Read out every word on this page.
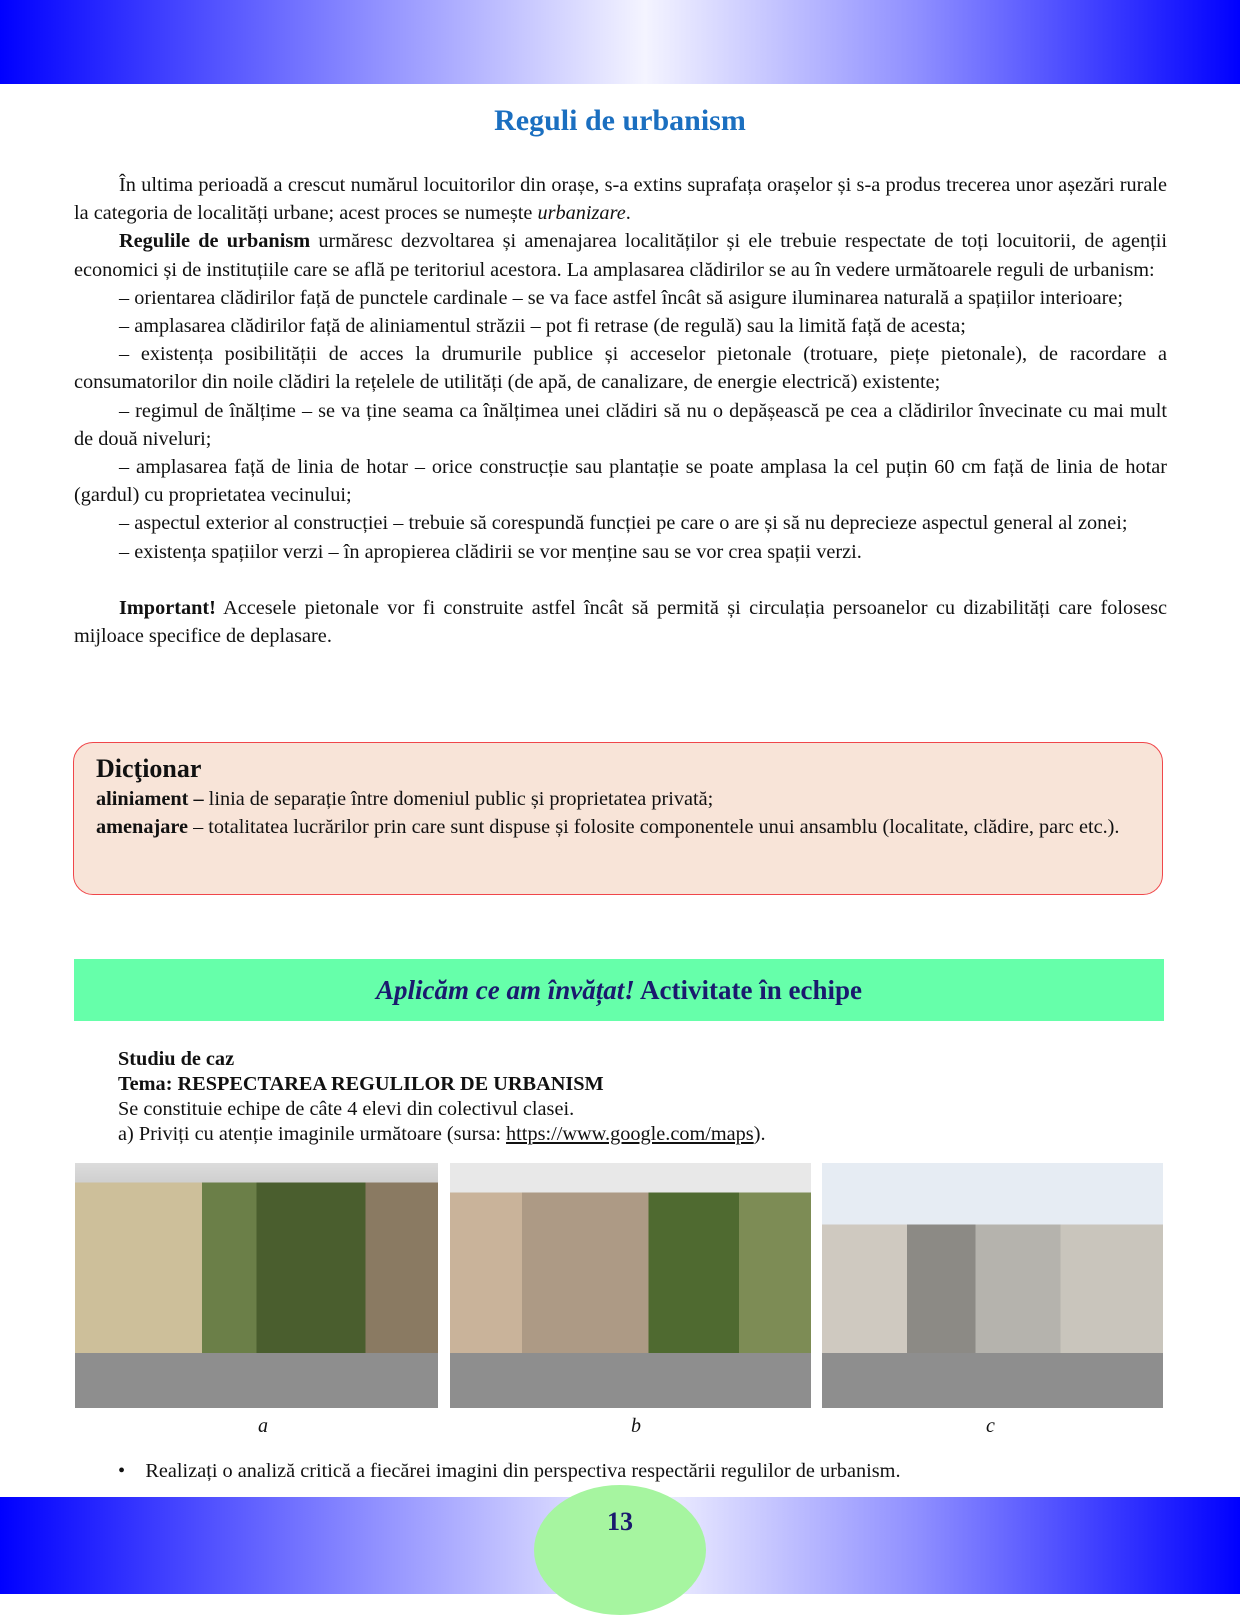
Reguli de urbanism

În ultima perioadă a crescut numărul locuitorilor din orașe, s-a extins suprafața orașelor și s-a produs trecerea unor așezări rurale la categoria de localități urbane; acest proces se numește urbanizare.

Regulile de urbanism urmăresc dezvoltarea și amenajarea localităților și ele trebuie respectate de toți locuitorii, de agenții economici și de instituțiile care se află pe teritoriul acestora. La amplasarea clădirilor se au în vedere următoarele reguli de urbanism:

– orientarea clădirilor față de punctele cardinale – se va face astfel încât să asigure iluminarea naturală a spațiilor interioare;

– amplasarea clădirilor față de aliniamentul străzii – pot fi retrase (de regulă) sau la limită față de acesta;

– existența posibilității de acces la drumurile publice și acceselor pietonale (trotuare, piețe pietonale), de racordare a consumatorilor din noile clădiri la rețelele de utilități (de apă, de canalizare, de energie electrică) existente;

– regimul de înălțime – se va ține seama ca înălțimea unei clădiri să nu o depășească pe cea a clădirilor învecinate cu mai mult de două niveluri;

– amplasarea față de linia de hotar – orice construcție sau plantație se poate amplasa la cel puțin 60 cm față de linia de hotar (gardul) cu proprietatea vecinului;

– aspectul exterior al construcției – trebuie să corespundă funcției pe care o are și să nu deprecieze aspectul general al zonei;

– existența spațiilor verzi – în apropierea clădirii se vor menține sau se vor crea spații verzi.

Important! Accesele pietonale vor fi construite astfel încât să permită și circulația persoanelor cu dizabilități care folosesc mijloace specifice de deplasare.

Dicţionar
aliniament – linia de separație între domeniul public și proprietatea privată;
amenajare – totalitatea lucrărilor prin care sunt dispuse și folosite componentele unui ansamblu (localitate, clădire, parc etc.).
Aplicăm ce am învățat! Activitate în echipe
Studiu de caz
Tema: RESPECTAREA REGULILOR DE URBANISM
Se constituie echipe de câte 4 elevi din colectivul clasei.
a) Priviți cu atenție imaginile următoare (sursa: https://www.google.com/maps).
a	b	c
•    Realizați o analiză critică a fiecărei imagini din perspectiva respectării regulilor de urbanism.
13
